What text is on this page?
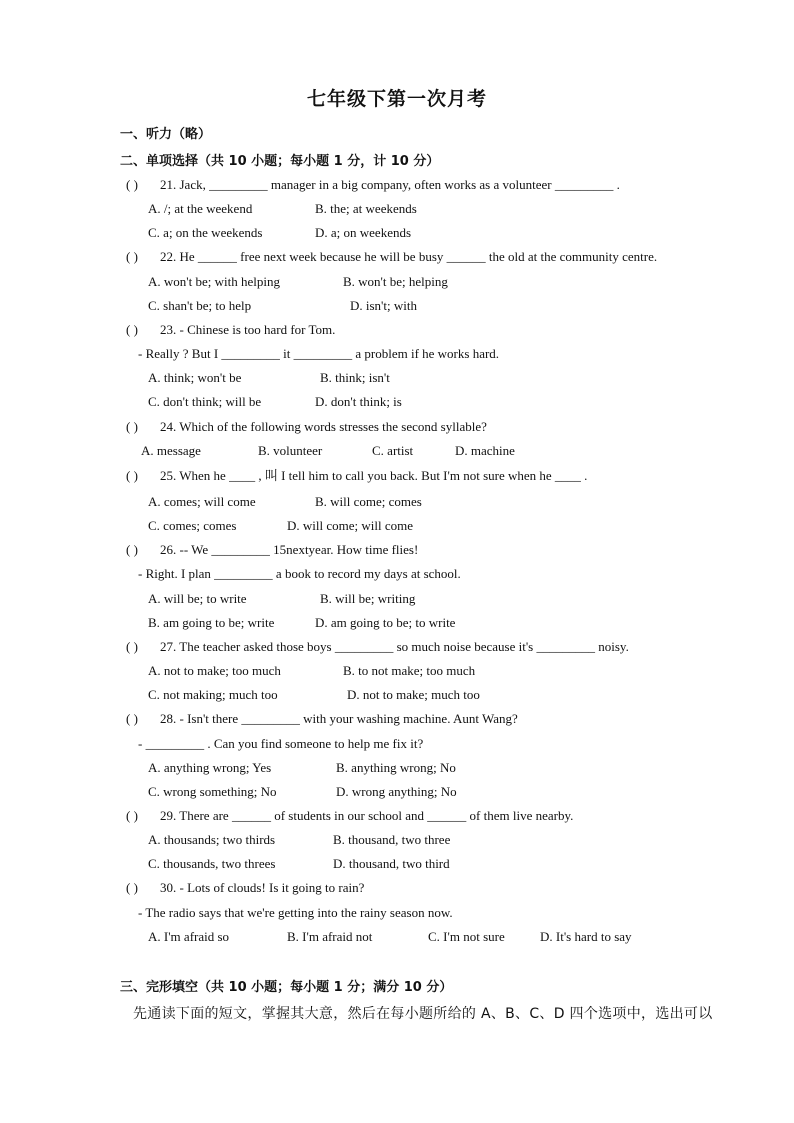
七年级下第一次月考
一、听力（略）
二、单项选择（共 10 小题；每小题 1 分，计 10 分）
( ) 21. Jack, _________ manager in a big company, often works as a volunteer _________ .
A. /; at the weekend	B. the; at weekends
C. a; on the weekends	D. a; on weekends
( ) 22. He ______ free next week because he will be busy ______ the old at the community centre.
A. won't be; with helping	B. won't be; helping
C. shan't be; to help	D. isn't; with
( ) 23. - Chinese is too hard for Tom.
- Really ? But I _________ it _________ a problem if he works hard.
A. think; won't be	B. think; isn't
C. don't think; will be	D. don't think; is
( ) 24. Which of the following words stresses the second syllable?
A. message	B. volunteer	C. artist	D. machine
( ) 25. When he ____ , 叫 I tell him to call you back. But I'm not sure when he ____ .
A. comes; will come	B. will come; comes
C. comes; comes	D. will come; will come
( ) 26. -- We _________ 15nextyear. How time flies!
- Right. I plan _________ a book to record my days at school.
A. will be; to write	B. will be; writing
B. am going to be; write	D. am going to be; to write
( ) 27. The teacher asked those boys _________ so much noise because it's _________ noisy.
A. not to make; too much	B. to not make; too much
C. not making; much too	D. not to make; much too
( ) 28. - Isn't there _________ with your washing machine. Aunt Wang?
- _________ . Can you find someone to help me fix it?
A. anything wrong; Yes	B. anything wrong; No
C. wrong something; No	D. wrong anything; No
( ) 29. There are ______ of students in our school and ______ of them live nearby.
A. thousands; two thirds	B. thousand, two three
C. thousands, two threes	D. thousand, two third
( ) 30. - Lots of clouds! Is it going to rain?
- The radio says that we're getting into the rainy season now.
A. I'm afraid so	B. I'm afraid not	C. I'm not sure	D. It's hard to say
三、完形填空（共 10 小题；每小题 1 分；满分 10 分）
先通读下面的短文，掌握其大意，然后在每小题所给的 A、B、C、D 四个选项中，选出可以
